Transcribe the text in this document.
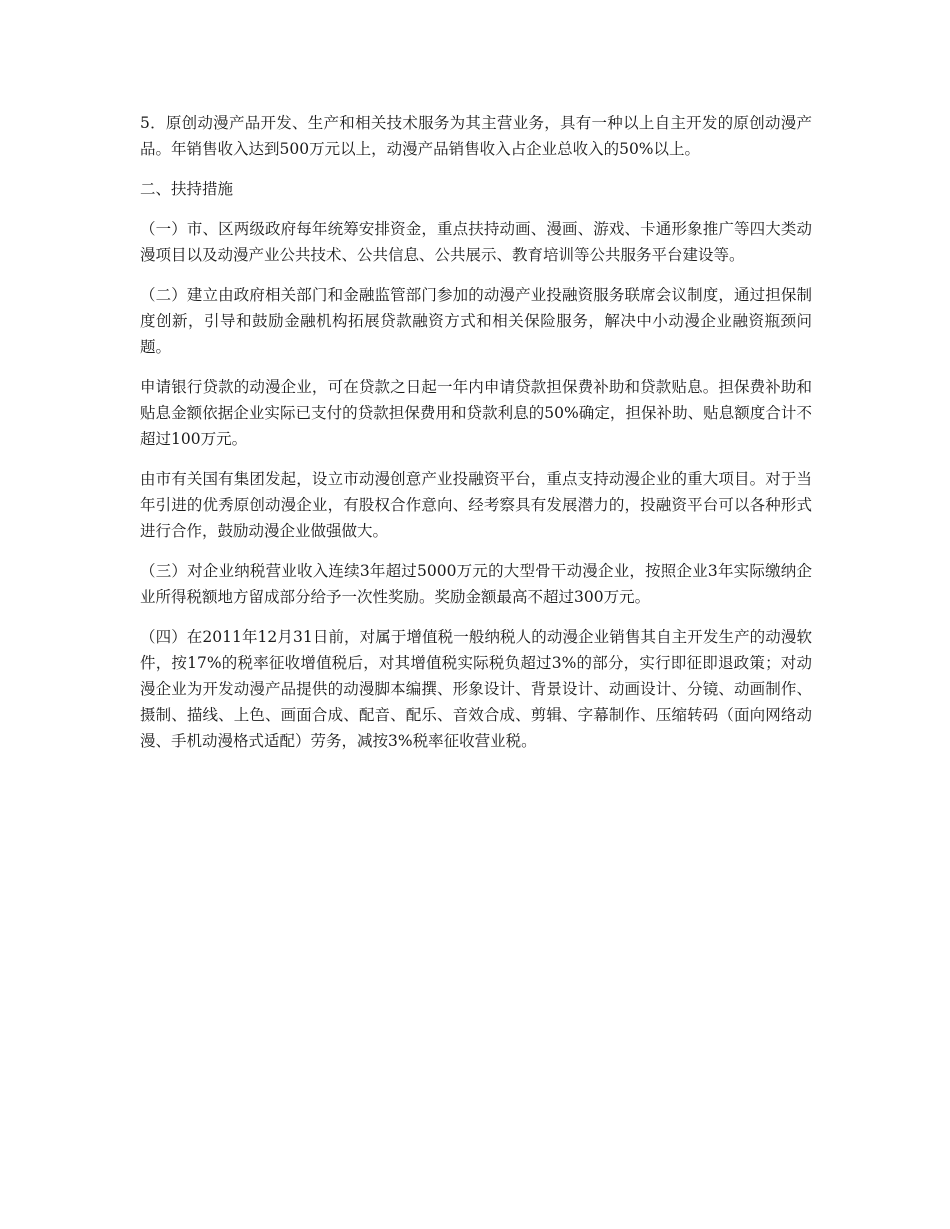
5．原创动漫产品开发、生产和相关技术服务为其主营业务，具有一种以上自主开发的原创动漫产品。年销售收入达到500万元以上，动漫产品销售收入占企业总收入的50%以上。

二、扶持措施

（一）市、区两级政府每年统筹安排资金，重点扶持动画、漫画、游戏、卡通形象推广等四大类动漫项目以及动漫产业公共技术、公共信息、公共展示、教育培训等公共服务平台建设等。

（二）建立由政府相关部门和金融监管部门参加的动漫产业投融资服务联席会议制度，通过担保制度创新，引导和鼓励金融机构拓展贷款融资方式和相关保险服务，解决中小动漫企业融资瓶颈问题。

申请银行贷款的动漫企业，可在贷款之日起一年内申请贷款担保费补助和贷款贴息。担保费补助和贴息金额依据企业实际已支付的贷款担保费用和贷款利息的50%确定，担保补助、贴息额度合计不超过100万元。

由市有关国有集团发起，设立市动漫创意产业投融资平台，重点支持动漫企业的重大项目。对于当年引进的优秀原创动漫企业，有股权合作意向、经考察具有发展潜力的，投融资平台可以各种形式进行合作，鼓励动漫企业做强做大。

（三）对企业纳税营业收入连续3年超过5000万元的大型骨干动漫企业，按照企业3年实际缴纳企业所得税额地方留成部分给予一次性奖励。奖励金额最高不超过300万元。

（四）在2011年12月31日前，对属于增值税一般纳税人的动漫企业销售其自主开发生产的动漫软件，按17%的税率征收增值税后，对其增值税实际税负超过3%的部分，实行即征即退政策；对动漫企业为开发动漫产品提供的动漫脚本编撰、形象设计、背景设计、动画设计、分镜、动画制作、摄制、描线、上色、画面合成、配音、配乐、音效合成、剪辑、字幕制作、压缩转码（面向网络动漫、手机动漫格式适配）劳务，减按3%税率征收营业税。
